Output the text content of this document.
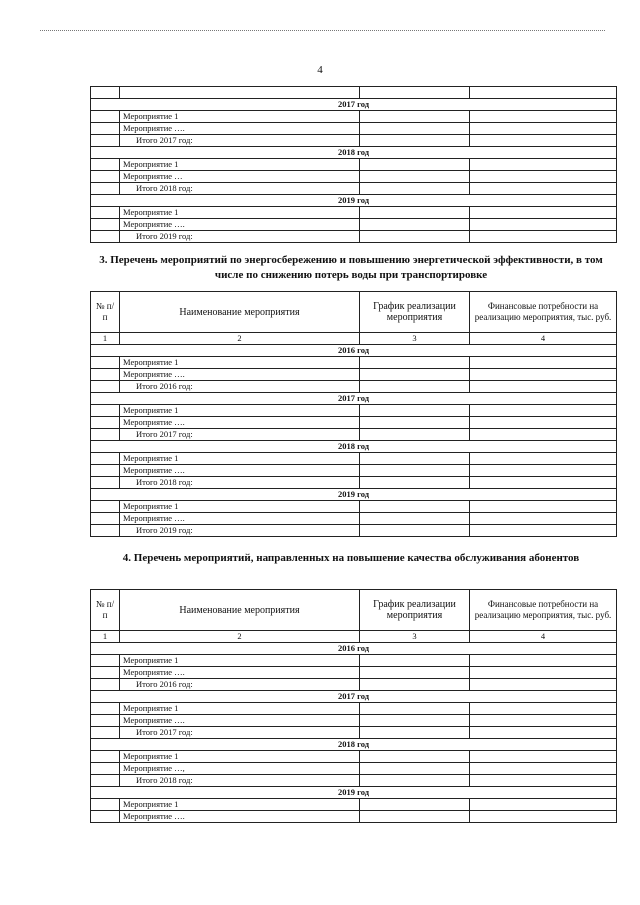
4

2017 год			
	Мероприятие 1		
	Мероприятие ….		
	Итого 2017 год:		
2018 год			
	Мероприятие 1		
	Мероприятие …		
	Итого 2018 год:		
2019 год			
	Мероприятие 1		
	Мероприятие ….		
	Итого 2019 год:		
3. Перечень мероприятий по энергосбережению и повышению энергетической эффективности, в том числе по снижению потерь воды при транспортировке
№ п/п	Наименование мероприятия	График реализации мероприятия	Финансовые потребности на реализацию мероприятия, тыс. руб.
1	2	3	4
2016 год			
	Мероприятие 1		
	Мероприятие ….		
	Итого 2016 год:		
2017 год			
	Мероприятие 1		
	Мероприятие ….		
	Итого 2017 год:		
2018 год			
	Мероприятие 1		
	Мероприятие ….		
	Итого 2018 год:		
2019 год			
	Мероприятие 1		
	Мероприятие ….		
	Итого 2019 год:		
4. Перечень мероприятий, направленных на повышение качества обслуживания абонентов
№ п/п	Наименование мероприятия	График реализации мероприятия	Финансовые потребности на реализацию мероприятия, тыс. руб.
1	2	3	4
2016 год			
	Мероприятие 1		
	Мероприятие ….		
	Итого 2016 год:		
2017 год			
	Мероприятие 1		
	Мероприятие ….		
	Итого 2017 год:		
2018 год			
	Мероприятие 1		
	Мероприятие …,		
	Итого 2018 год:		
2019 год			
	Мероприятие 1		
	Мероприятие ….		
